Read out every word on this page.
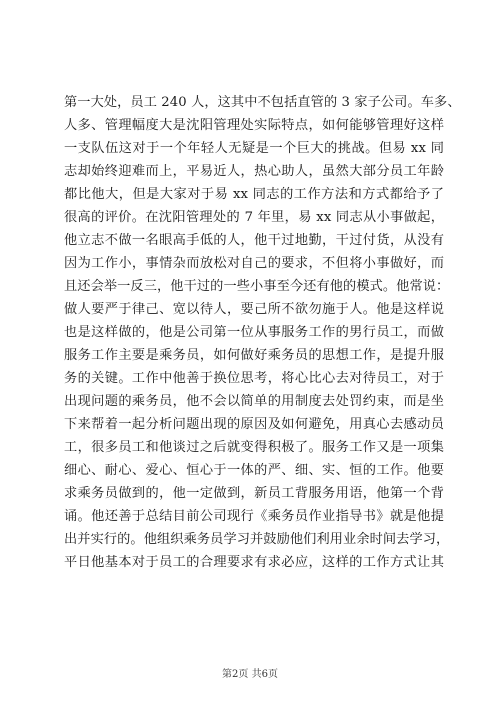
第一大处，员工 240 人，这其中不包括直管的 3 家子公司。车多、
人多、管理幅度大是沈阳管理处实际特点，如何能够管理好这样
一支队伍这对于一个年轻人无疑是一个巨大的挑战。但易 xx 同
志却始终迎难而上，平易近人，热心助人，虽然大部分员工年龄
都比他大，但是大家对于易 xx 同志的工作方法和方式都给予了
很高的评价。在沈阳管理处的 7 年里，易 xx 同志从小事做起，
他立志不做一名眼高手低的人，他干过地勤，干过付货，从没有
因为工作小，事情杂而放松对自己的要求，不但将小事做好，而
且还会举一反三，他干过的一些小事至今还有他的模式。他常说：
做人要严于律己、宽以待人，要己所不欲勿施于人。他是这样说
也是这样做的，他是公司第一位从事服务工作的男行员工，而做
服务工作主要是乘务员，如何做好乘务员的思想工作，是提升服
务的关键。工作中他善于换位思考，将心比心去对待员工，对于
出现问题的乘务员，他不会以简单的用制度去处罚约束，而是坐
下来帮着一起分析问题出现的原因及如何避免，用真心去感动员
工，很多员工和他谈过之后就变得积极了。服务工作又是一项集
细心、耐心、爱心、恒心于一体的严、细、实、恒的工作。他要
求乘务员做到的，他一定做到，新员工背服务用语，他第一个背
诵。他还善于总结目前公司现行《乘务员作业指导书》就是他提
出并实行的。他组织乘务员学习并鼓励他们利用业余时间去学习，
平日他基本对于员工的合理要求有求必应，这样的工作方式让其
第2页 共6页
